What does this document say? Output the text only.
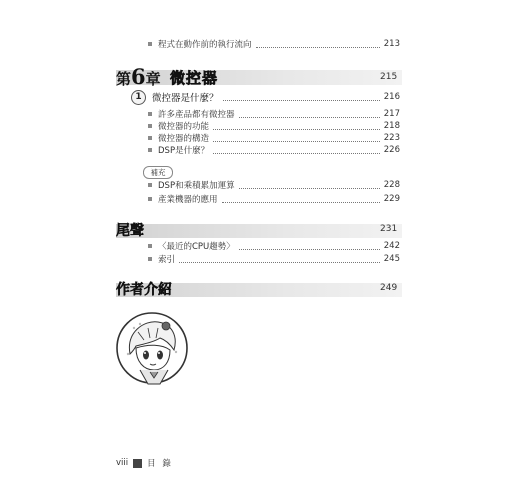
程式在動作前的執行流向	213
第6章 微控器	215
1	微控器是什麼？	216
許多產品都有微控器	217
微控器的功能	218
微控器的構造	223
DSP是什麼？	226
補充
DSP和乘積累加運算	228
產業機器的應用	229
尾聲	231
〈最近的CPU趨勢〉	242
索引	245
作者介紹	249
viii 目 錄
